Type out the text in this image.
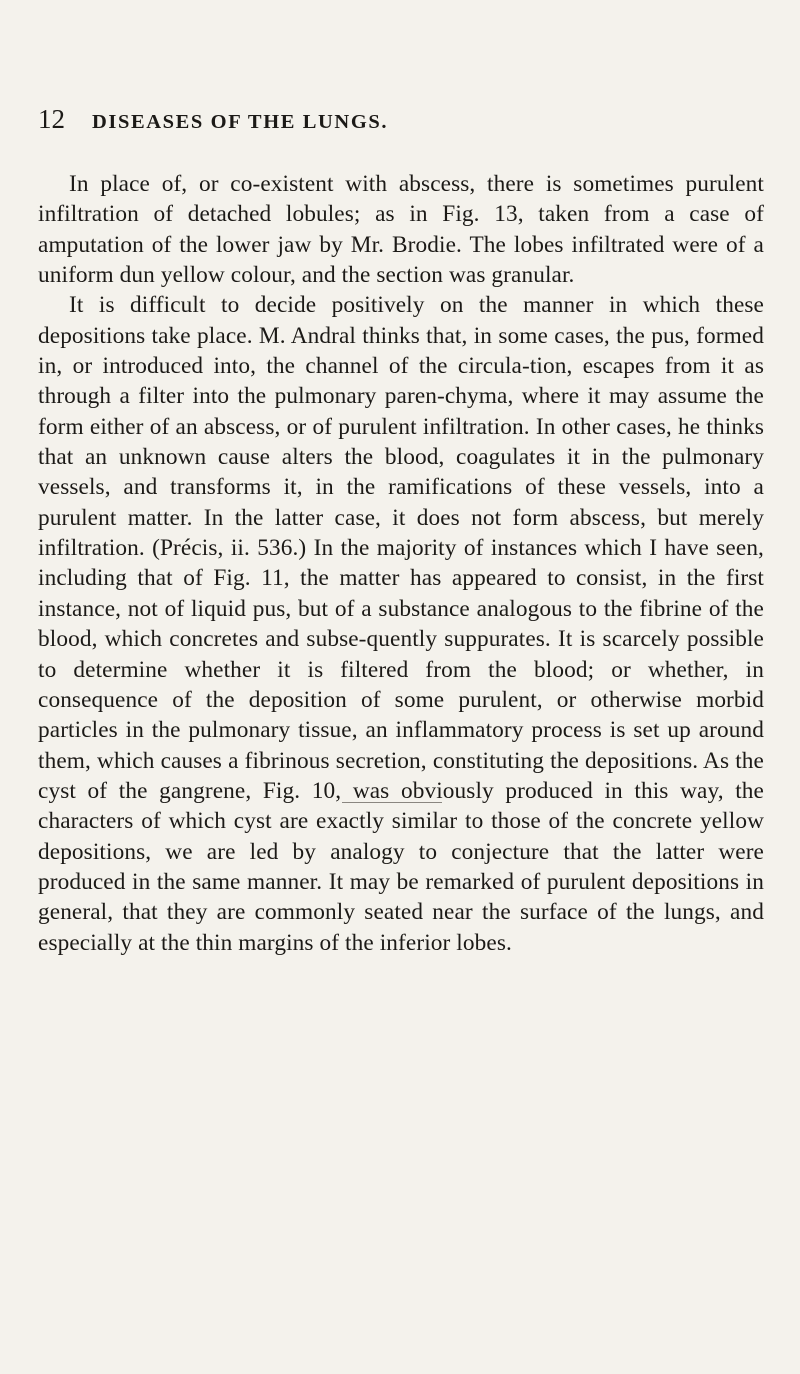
12 DISEASES OF THE LUNGS.

In place of, or co-existent with abscess, there is sometimes purulent infiltration of detached lobules; as in Fig. 13, taken from a case of amputation of the lower jaw by Mr. Brodie. The lobes infiltrated were of a uniform dun yellow colour, and the section was granular.

It is difficult to decide positively on the manner in which these depositions take place. M. Andral thinks that, in some cases, the pus, formed in, or introduced into, the channel of the circula-tion, escapes from it as through a filter into the pulmonary paren-chyma, where it may assume the form either of an abscess, or of purulent infiltration. In other cases, he thinks that an unknown cause alters the blood, coagulates it in the pulmonary vessels, and transforms it, in the ramifications of these vessels, into a purulent matter. In the latter case, it does not form abscess, but merely infiltration. (Précis, ii. 536.) In the majority of instances which I have seen, including that of Fig. 11, the matter has appeared to consist, in the first instance, not of liquid pus, but of a substance analogous to the fibrine of the blood, which concretes and subse-quently suppurates. It is scarcely possible to determine whether it is filtered from the blood; or whether, in consequence of the deposition of some purulent, or otherwise morbid particles in the pulmonary tissue, an inflammatory process is set up around them, which causes a fibrinous secretion, constituting the depositions. As the cyst of the gangrene, Fig. 10, was obviously produced in this way, the characters of which cyst are exactly similar to those of the concrete yellow depositions, we are led by analogy to conjecture that the latter were produced in the same manner. It may be remarked of purulent depositions in general, that they are commonly seated near the surface of the lungs, and especially at the thin margins of the inferior lobes.
